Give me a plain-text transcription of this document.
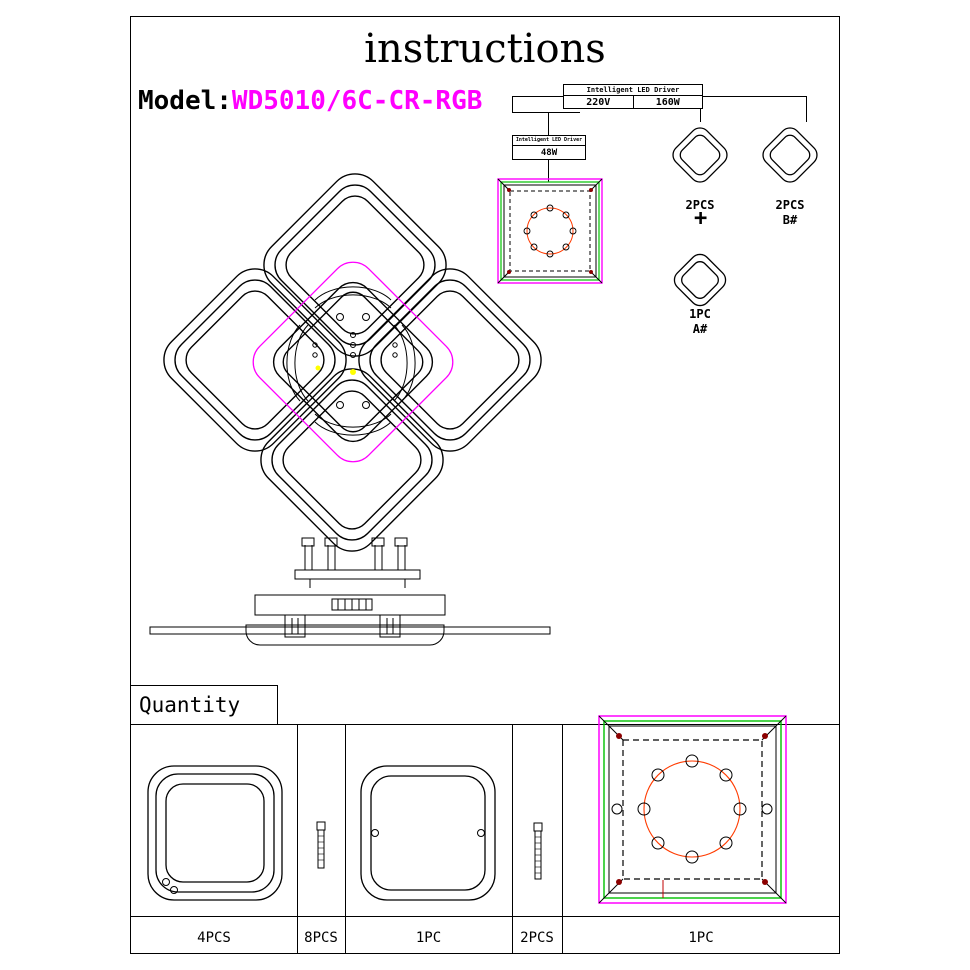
instructions
Model:WD5010/6C-CR-RGB	Intelligent LED Driver
220V	160W
Intelligent LED Driver
48W
2PCS	2PCS
B#
+
1PC
A#
Quantity
4PCS	8PCS	1PC	2PCS	1PC
